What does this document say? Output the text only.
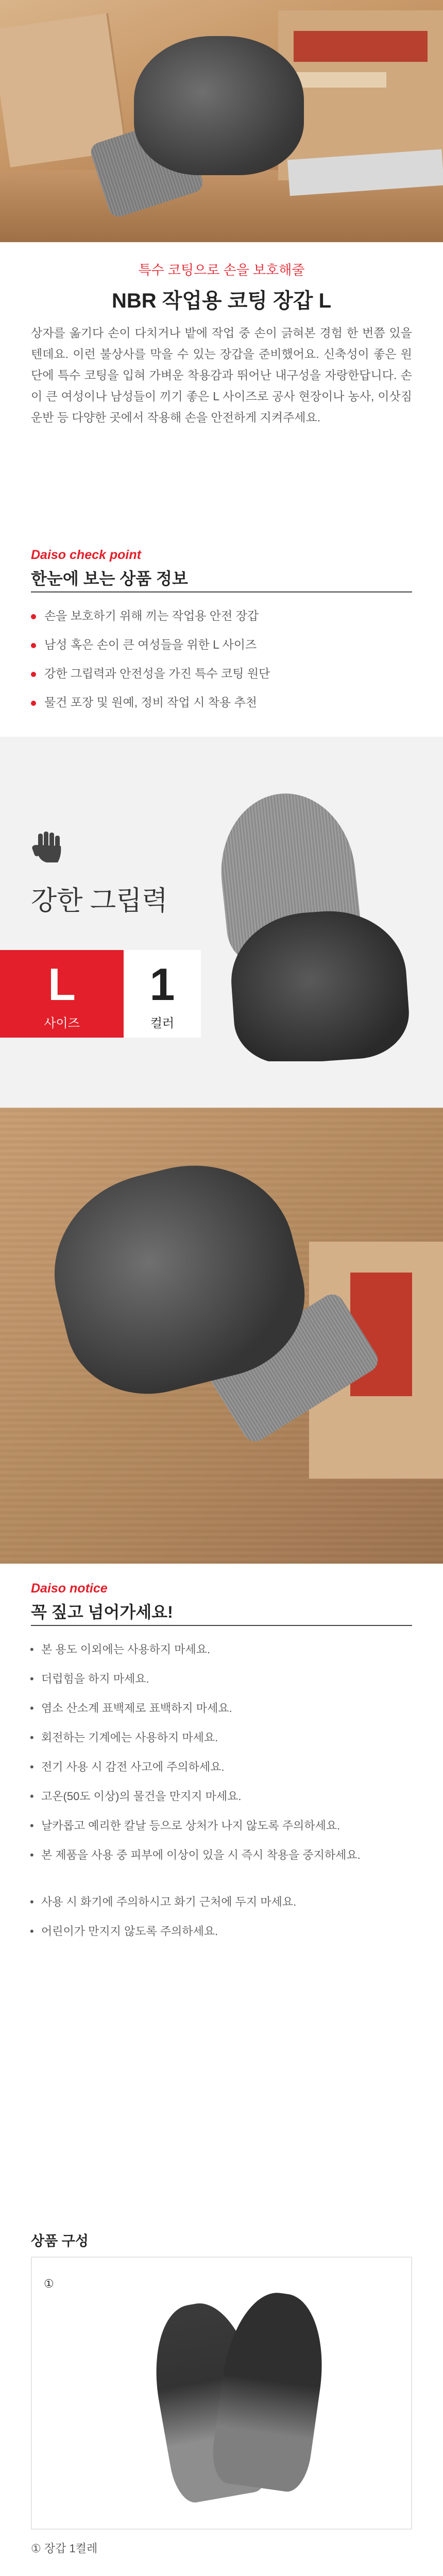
특수 코팅으로 손을 보호해줄
NBR 작업용 코팅 장갑 L
상자를 옮기다 손이 다치거나 밭에 작업 중 손이 긁혀본 경험 한 번쯤 있을 텐데요. 이런 불상사를 막을 수 있는 장갑을 준비했어요. 신축성이 좋은 원단에 특수 코팅을 입혀 가벼운 착용감과 뛰어난 내구성을 자랑한답니다. 손이 큰 여성이나 남성들이 끼기 좋은 L 사이즈로 공사 현장이나 농사, 이삿짐 운반 등 다양한 곳에서 작용해 손을 안전하게 지켜주세요.
Daiso check point
한눈에 보는 상품 정보
손을 보호하기 위해 끼는 작업용 안전 장갑
남성 혹은 손이 큰 여성들을 위한 L 사이즈
강한 그립력과 안전성을 가진 특수 코팅 원단
물건 포장 및 원예, 정비 작업 시 착용 추천
강한 그립력
L
사이즈
1
컬러
Daiso notice
꼭 짚고 넘어가세요!
• 본 용도 이외에는 사용하지 마세요.
• 더럽힘을 하지 마세요.
• 염소 산소계 표백제로 표백하지 마세요.
• 회전하는 기계에는 사용하지 마세요.
• 전기 사용 시 감전 사고에 주의하세요.
• 고온(50도 이상)의 물건을 만지지 마세요.
• 날카롭고 예리한 칼날 등으로 상처가 나지 않도록 주의하세요.
• 본 제품을 사용 중 피부에 이상이 있을 시 즉시 착용을 중지하세요.
• 사용 시 화기에 주의하시고 화기 근처에 두지 마세요.
• 어린이가 만지지 않도록 주의하세요.
상품 구성
①
① 장갑 1켤레
